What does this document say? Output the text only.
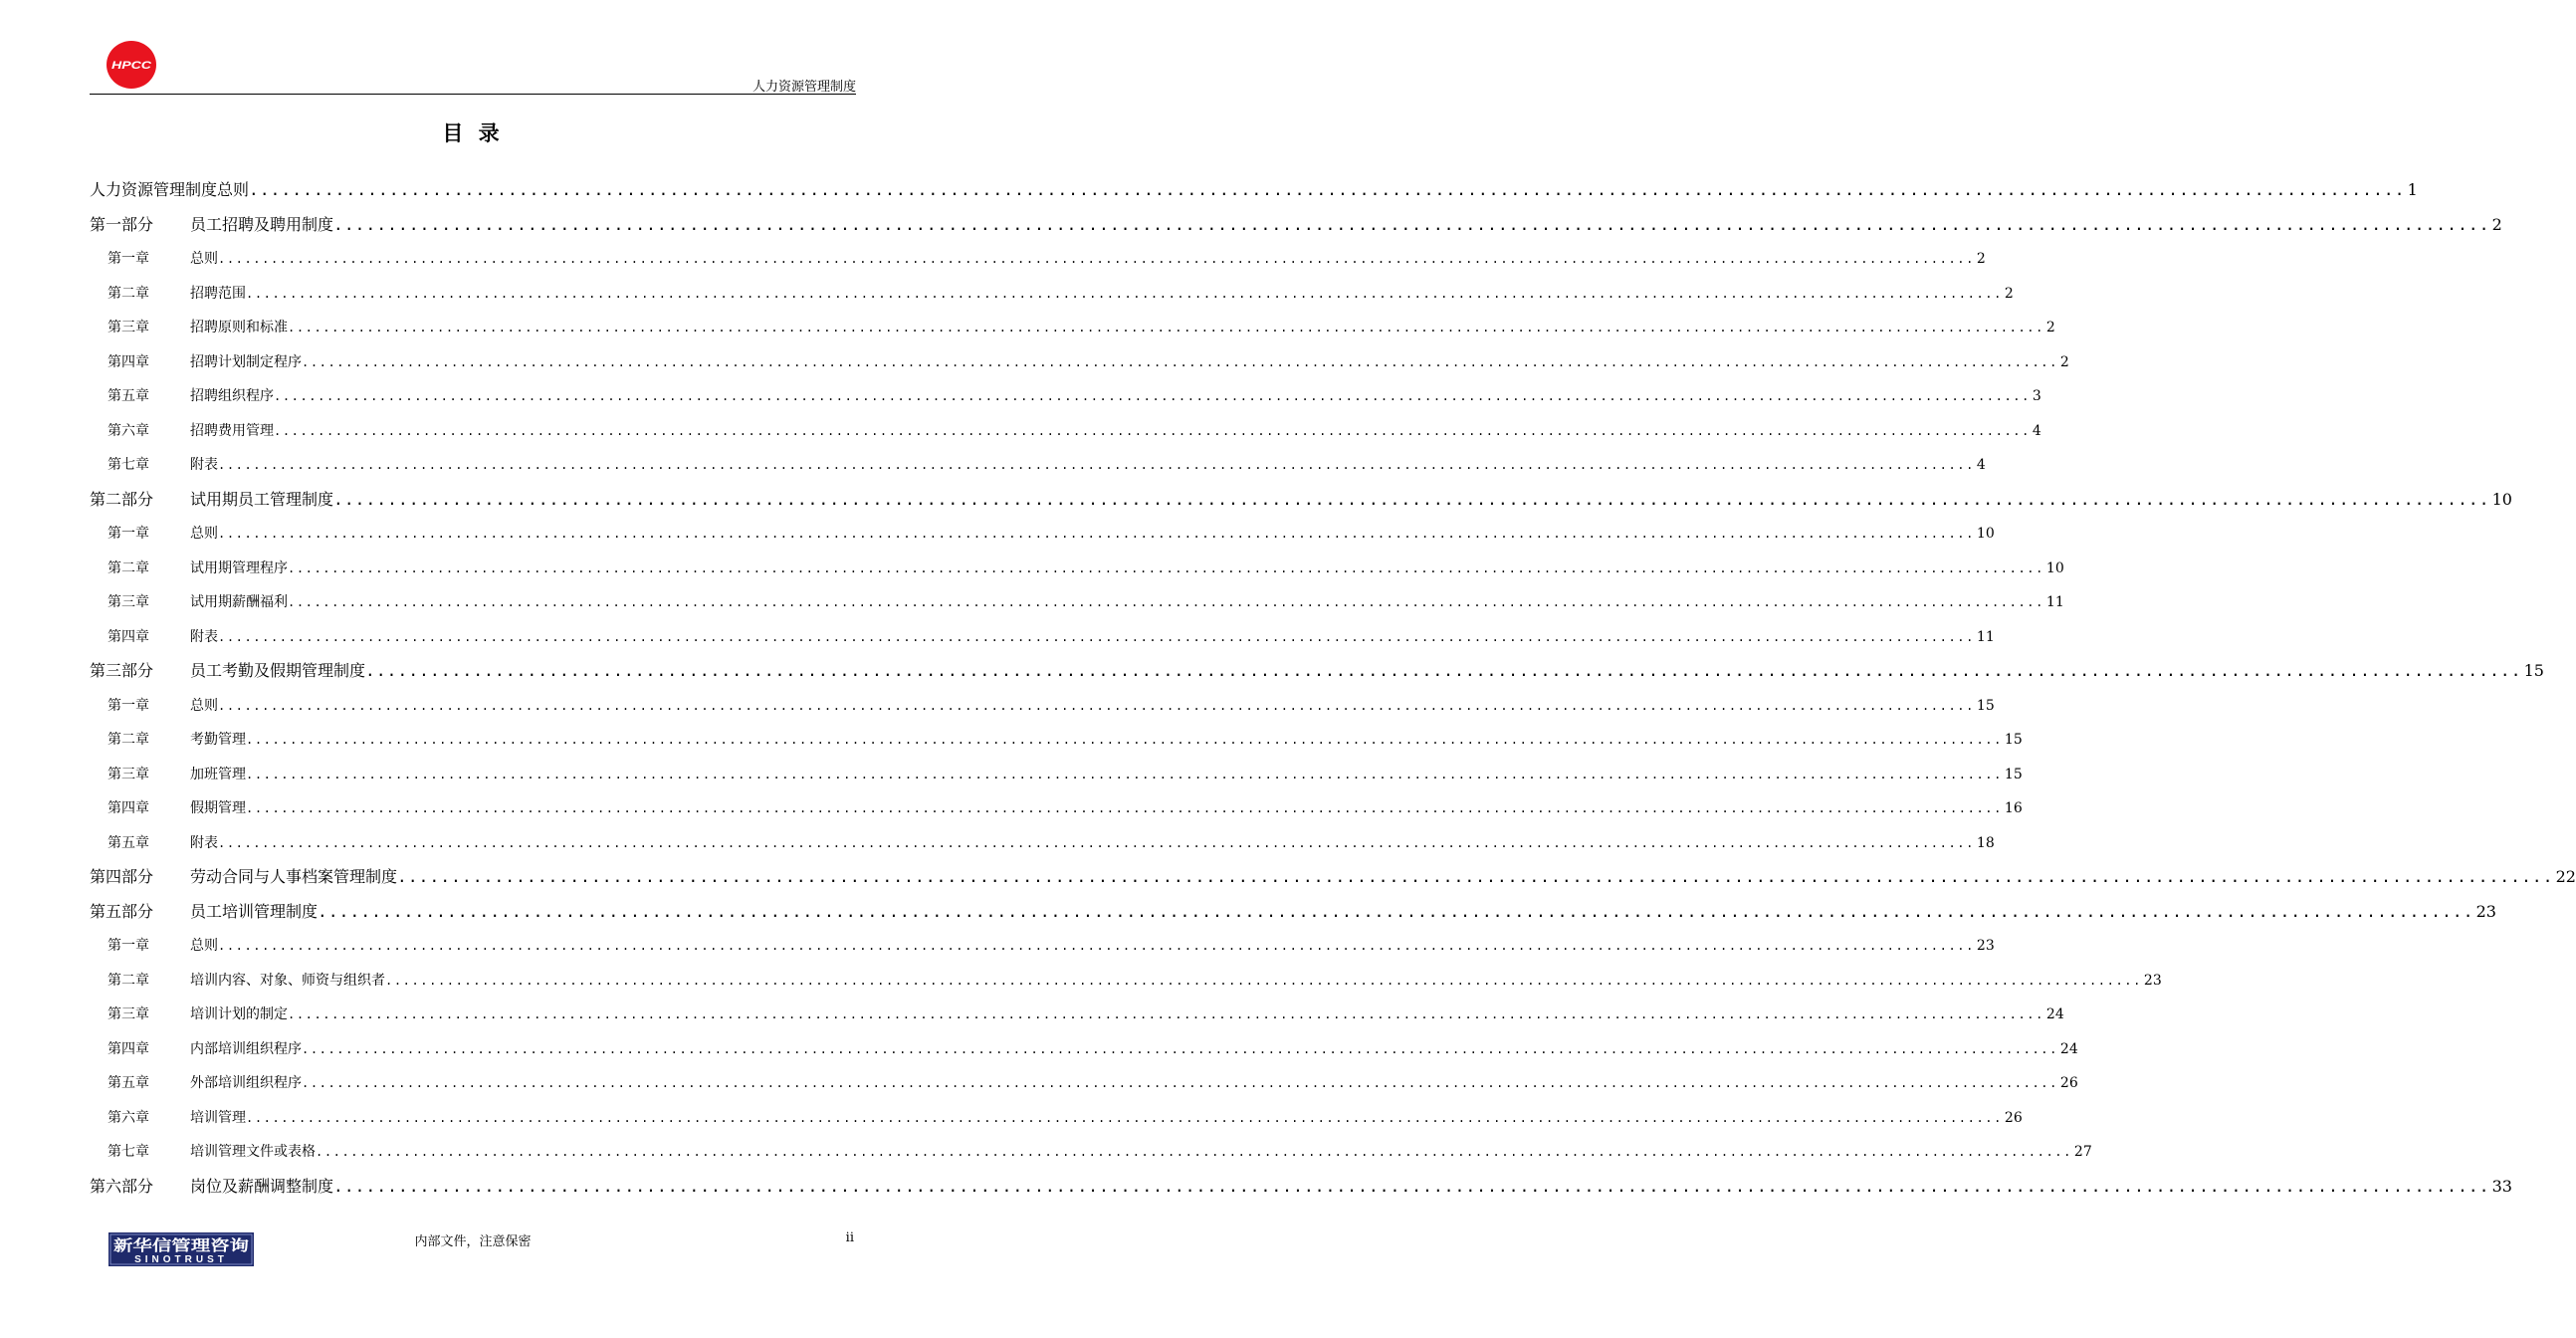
HPCC
人力资源管理制度
目 录
人力资源管理制度总则 ........................................................................................................................................................................................................ 1
第一部分	员工招聘及聘用制度 ........................................................................................................................................................................................................ 2
第一章	总则 ........................................................................................................................................................................................................ 2
第二章	招聘范围 ........................................................................................................................................................................................................ 2
第三章	招聘原则和标准 ........................................................................................................................................................................................................ 2
第四章	招聘计划制定程序 ........................................................................................................................................................................................................ 2
第五章	招聘组织程序 ........................................................................................................................................................................................................ 3
第六章	招聘费用管理 ........................................................................................................................................................................................................ 4
第七章	附表 ........................................................................................................................................................................................................ 4
第二部分	试用期员工管理制度 ........................................................................................................................................................................................................ 10
第一章	总则 ........................................................................................................................................................................................................ 10
第二章	试用期管理程序 ........................................................................................................................................................................................................ 10
第三章	试用期薪酬福利 ........................................................................................................................................................................................................ 11
第四章	附表 ........................................................................................................................................................................................................ 11
第三部分	员工考勤及假期管理制度 ........................................................................................................................................................................................................ 15
第一章	总则 ........................................................................................................................................................................................................ 15
第二章	考勤管理 ........................................................................................................................................................................................................ 15
第三章	加班管理 ........................................................................................................................................................................................................ 15
第四章	假期管理 ........................................................................................................................................................................................................ 16
第五章	附表 ........................................................................................................................................................................................................ 18
第四部分	劳动合同与人事档案管理制度 ........................................................................................................................................................................................................ 22
第五部分	员工培训管理制度 ........................................................................................................................................................................................................ 23
第一章	总则 ........................................................................................................................................................................................................ 23
第二章	培训内容、对象、师资与组织者 ........................................................................................................................................................................................................ 23
第三章	培训计划的制定 ........................................................................................................................................................................................................ 24
第四章	内部培训组织程序 ........................................................................................................................................................................................................ 24
第五章	外部培训组织程序 ........................................................................................................................................................................................................ 26
第六章	培训管理 ........................................................................................................................................................................................................ 26
第七章	培训管理文件或表格 ........................................................................................................................................................................................................ 27
第六部分	岗位及薪酬调整制度 ........................................................................................................................................................................................................ 33
新华信管理咨询
SINOTRUST
内部文件，注意保密	ii
